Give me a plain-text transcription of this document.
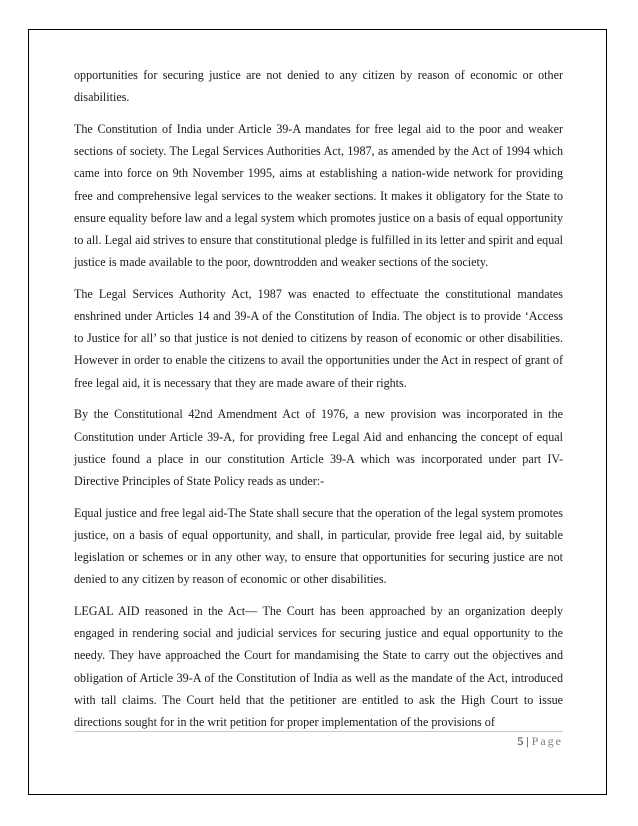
opportunities for securing justice are not denied to any citizen by reason of economic or other disabilities.

The Constitution of India under Article 39-A mandates for free legal aid to the poor and weaker sections of society. The Legal Services Authorities Act, 1987, as amended by the Act of 1994 which came into force on 9th November 1995, aims at establishing a nation-wide network for providing free and comprehensive legal services to the weaker sections. It makes it obligatory for the State to ensure equality before law and a legal system which promotes justice on a basis of equal opportunity to all. Legal aid strives to ensure that constitutional pledge is fulfilled in its letter and spirit and equal justice is made available to the poor, downtrodden and weaker sections of the society.

The Legal Services Authority Act, 1987 was enacted to effectuate the constitutional mandates enshrined under Articles 14 and 39-A of the Constitution of India. The object is to provide ‘Access to Justice for all’ so that justice is not denied to citizens by reason of economic or other disabilities. However in order to enable the citizens to avail the opportunities under the Act in respect of grant of free legal aid, it is necessary that they are made aware of their rights.

By the Constitutional 42nd Amendment Act of 1976, a new provision was incorporated in the Constitution under Article 39-A, for providing free Legal Aid and enhancing the concept of equal justice found a place in our constitution Article 39-A which was incorporated under part IV-Directive Principles of State Policy reads as under:-

Equal justice and free legal aid-The State shall secure that the operation of the legal system promotes justice, on a basis of equal opportunity, and shall, in particular, provide free legal aid, by suitable legislation or schemes or in any other way, to ensure that opportunities for securing justice are not denied to any citizen by reason of economic or other disabilities.

LEGAL AID reasoned in the Act— The Court has been approached by an organization deeply engaged in rendering social and judicial services for securing justice and equal opportunity to the needy. They have approached the Court for mandamising the State to carry out the objectives and obligation of Article 39-A of the Constitution of India as well as the mandate of the Act, introduced with tall claims. The Court held that the petitioner are entitled to ask the High Court to issue directions sought for in the writ petition for proper implementation of the provisions of

5 | Page
